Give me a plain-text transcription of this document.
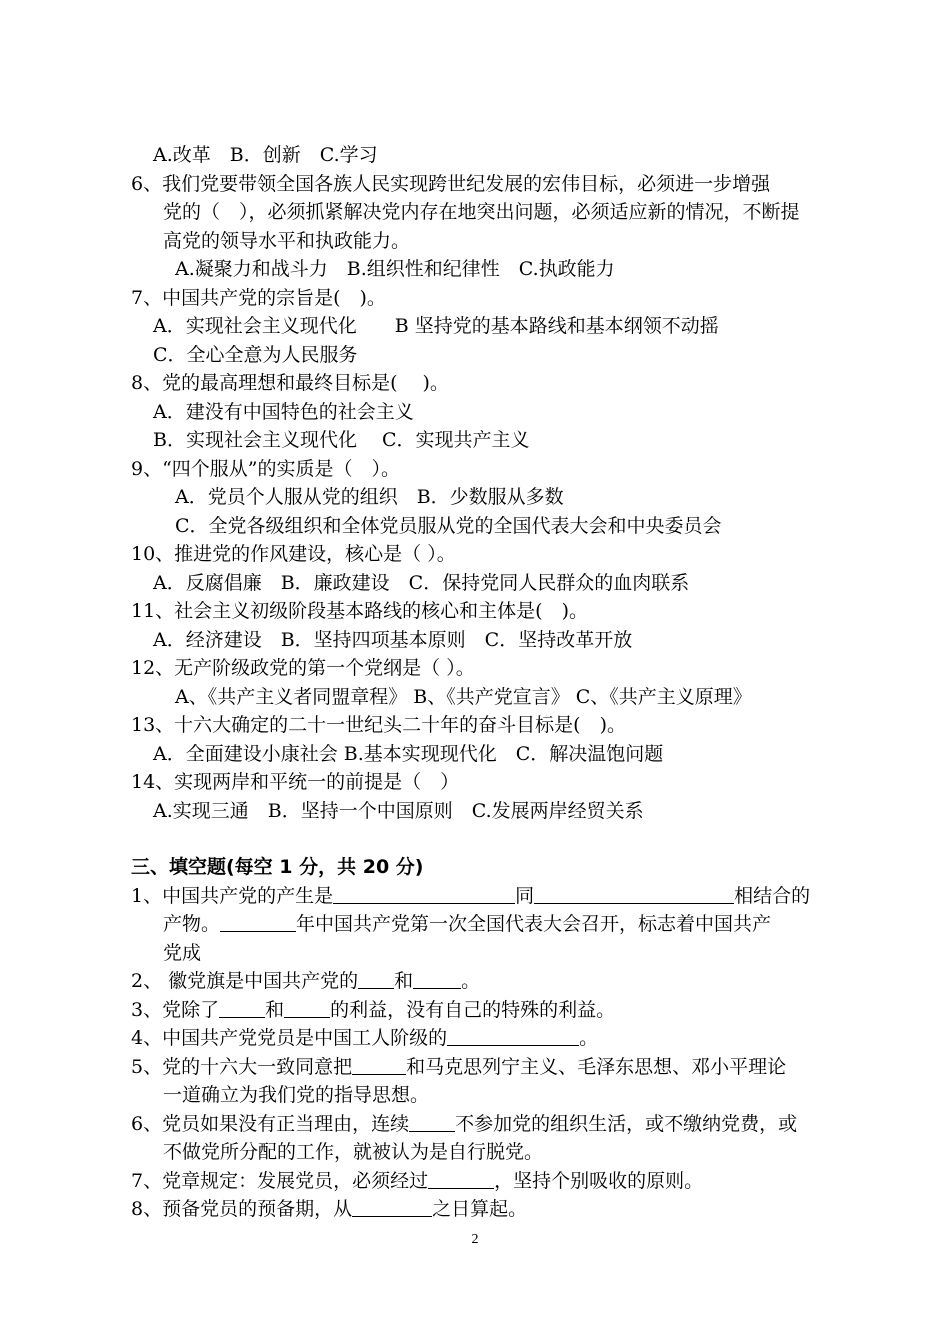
A.改革　B．创新　C.学习
6、我们党要带领全国各族人民实现跨世纪发展的宏伟目标，必须进一步增强
党的（　），必须抓紧解决党内存在地突出问题，必须适应新的情况，不断提
高党的领导水平和执政能力。
A.凝聚力和战斗力　B.组织性和纪律性　C.执政能力
7、中国共产党的宗旨是(　)。
A．实现社会主义现代化　　B 坚持党的基本路线和基本纲领不动摇
C．全心全意为人民服务
8、党的最高理想和最终目标是(　 )。
A．建没有中国特色的社会主义
B．实现社会主义现代化　 C．实现共产主义
9、“四个服从”的实质是（　）。
A．党员个人服从党的组织　B．少数服从多数
C．全党各级组织和全体党员服从党的全国代表大会和中央委员会
10、推进党的作风建设，核心是（ ）。
A．反腐倡廉　B．廉政建设　C．保持党同人民群众的血肉联系
11、社会主义初级阶段基本路线的核心和主体是(　)。
A．经济建设　B．坚持四项基本原则　C．坚持改革开放
12、无产阶级政党的第一个党纲是（ ）。
A、《共产主义者同盟章程》 B、《共产党宣言》 C、《共产主义原理》
13、十六大确定的二十一世纪头二十年的奋斗目标是(　)。
A．全面建设小康社会 B.基本实现现代化　C．解决温饱问题
14、实现两岸和平统一的前提是（　）
A.实现三通　B．坚持一个中国原则　C.发展两岸经贸关系
三、填空题(每空 1 分，共 20 分)
1、中国共产党的产生是	同	相结合的
产物。	年中国共产党第一次全国代表大会召开，标志着中国共产
党成
2、 徽党旗是中国共产党的 和	。
3、党除了 和 的利益，没有自己的特殊的利益。
4、中国共产党党员是中国工人阶级的	。
5、党的十六大一致同意把	和马克思列宁主义、毛泽东思想、邓小平理论
一道确立为我们党的指导思想。
6、党员如果没有正当理由，连续 不参加党的组织生活，或不缴纳党费，或
不做党所分配的工作，就被认为是自行脱党。
7、党章规定：发展党员，必须经过	，坚持个别吸收的原则。
8、预备党员的预备期，从	之日算起。
2
